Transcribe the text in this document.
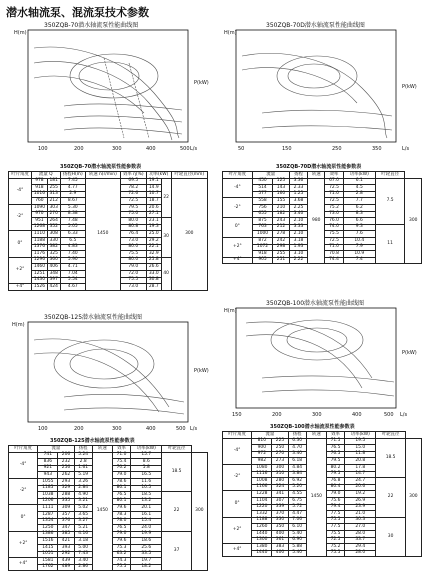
潜水轴流泵、混流泵技术参数
350ZQB-70潜水轴流泵性能曲线图
H(m)
P(kW)
L/s
100	200	300	400	500
350ZQB-70D潜水轴流泵性能曲线图
H(m)
P(kW)
L/s
50	150	250	350
350ZQB-70潜水轴流泵性能参数表
叶片角度	流量 Q		扬程H(m)	转速 n(r/min)	效率 η(%)	功率(kW)		叶轮直径(mm)
-4°	978	181	7.45	1450	69.5	19.1	22	300
	918	255	4.77		78.2	14.9		
	1016	313	2.9		72.6	10.7		
	760	212	8.67		72.5	18.7		
-2°	1090	303	5.30		79.5	20.6		
	970	270	8.38		75.0	27.1		
	951	264	7.48		80.0	23.1	30	
	1268	352	5.05		80.8	19.3		
0°	1110	308	6.33		76.4	25.0		
	1188	330	6.5		73.0	29.2		
	1376	382	4.83		80.0	22.1		
	1176	325	7.40		75.5	32.9		
+2°	1296	360	5.90		80.0	25.8	40	
	1460	406	4.71		79.0	26.6		
	1251	348	7.04		72.0	33.0		
	1430	397	5.54		75.5	30.8		
+4°	1526	424	4.67		73.0	28.7		
350ZQB-70D潜水轴流泵性能参数表
叶片角度	流量		扬程	转速	效率	功率(kW)	叶轮直径	
-4°	450	125	3.36	980	67.0	6.1	7.5	300
	514	143	2.33		72.5	4.5		
	577	160	1.25		71.0	2.8		
-2°	558	155	3.68		72.5	7.7		
	756	210	2.25		75.2	6.2		
	655	182	3.40		73.0	8.3		
0°	875	243	2.10		76.0	6.6		
	763	212	3.33		74.0	9.3	11	
	1000	278	2.10		75.5	7.6		
+2°	872	242	3.18		72.5	10.4		
	1072	298	1.93		71.0	7.9		
	918	255	3.10		70.8	10.9		
+4°	905	251	2.22		74.4	7.4		
350ZQB-125潜水轴流泵性能曲线图
H(m)
P(kW)
L/s
100	200	300	400	500
350ZQB-100潜水轴流泵性能曲线图
H(m)
P(kW)
L/s
150	200	300	400	500
350ZQB-125潜水轴流泵性能参数表
叶片角度	流量		扬程	转速	效率	功率(kW)	叶轮直径	
-4°	741	206	5.24	1450	71.0	15.7	18.5	300
	836	232	2.8		75.4	8.6		
	921	256	1.61		70.2	5.8		
	943	262	5.19		79.0	16.5		
-2°	1055	293	3.26		78.6	11.6		
	1185	329	2.84		80.1	10.5		
	1038	288	4.90		76.5	18.5	22	
	1206	335	3.21		80.1	13.2		
0°	1111	309	5.02		79.6	20.1		
	1287	357	3.65		78.3	16.1		
	1354	376	3.27		78.0	15.4		
	1250	347	5.21		76.5	24.0		
+2°	1386	385	4.16		79.0	19.9	37	
	1516	421	3.18		79.6	18.6		
	1415	393	5.00		75.3	25.6		
	1051	292	7.43		63.2	33.5		
+4°	1581	439	3.40		74.3	19.7		
	1762	489	2.86		75.5	18.2		
350ZQB-100潜水轴流泵性能参数表
叶片角度	流量		扬程	转速	效率	功率(kW)	叶轮直径	
-4°	810	225	6.30	1450	71.5	19.5	18.5	300
	900	250	4.70		76.5	15.0		
	972	270	3.40		76.5	11.8		
	982	273	6.18		79.5	20.8		
-2°	1080	300	4.84		80.2	17.8		
	1116	310	3.84		79.5	14.7		
	1008	280	6.92		76.8	24.7	22	
	1166	324	5.20		80.4	20.6		
0°	1228	341	4.55		79.0	19.2		
	1104	307	6.75		75.6	26.9		
	1220	339	5.72		79.4	23.9		
	1332	370	4.47		77.5	21.0		
+2°	1188	330	7.06		75.5	30.3	30	
	1260	350	6.10		77.5	27.0		
	1440	400	5.40		75.5	28.0		
	1300	361	6.90		72.5	33.7		
+4°	1380	383	5.88		75.2	29.4		
	1440	400	5.40		75.5	28.0		
